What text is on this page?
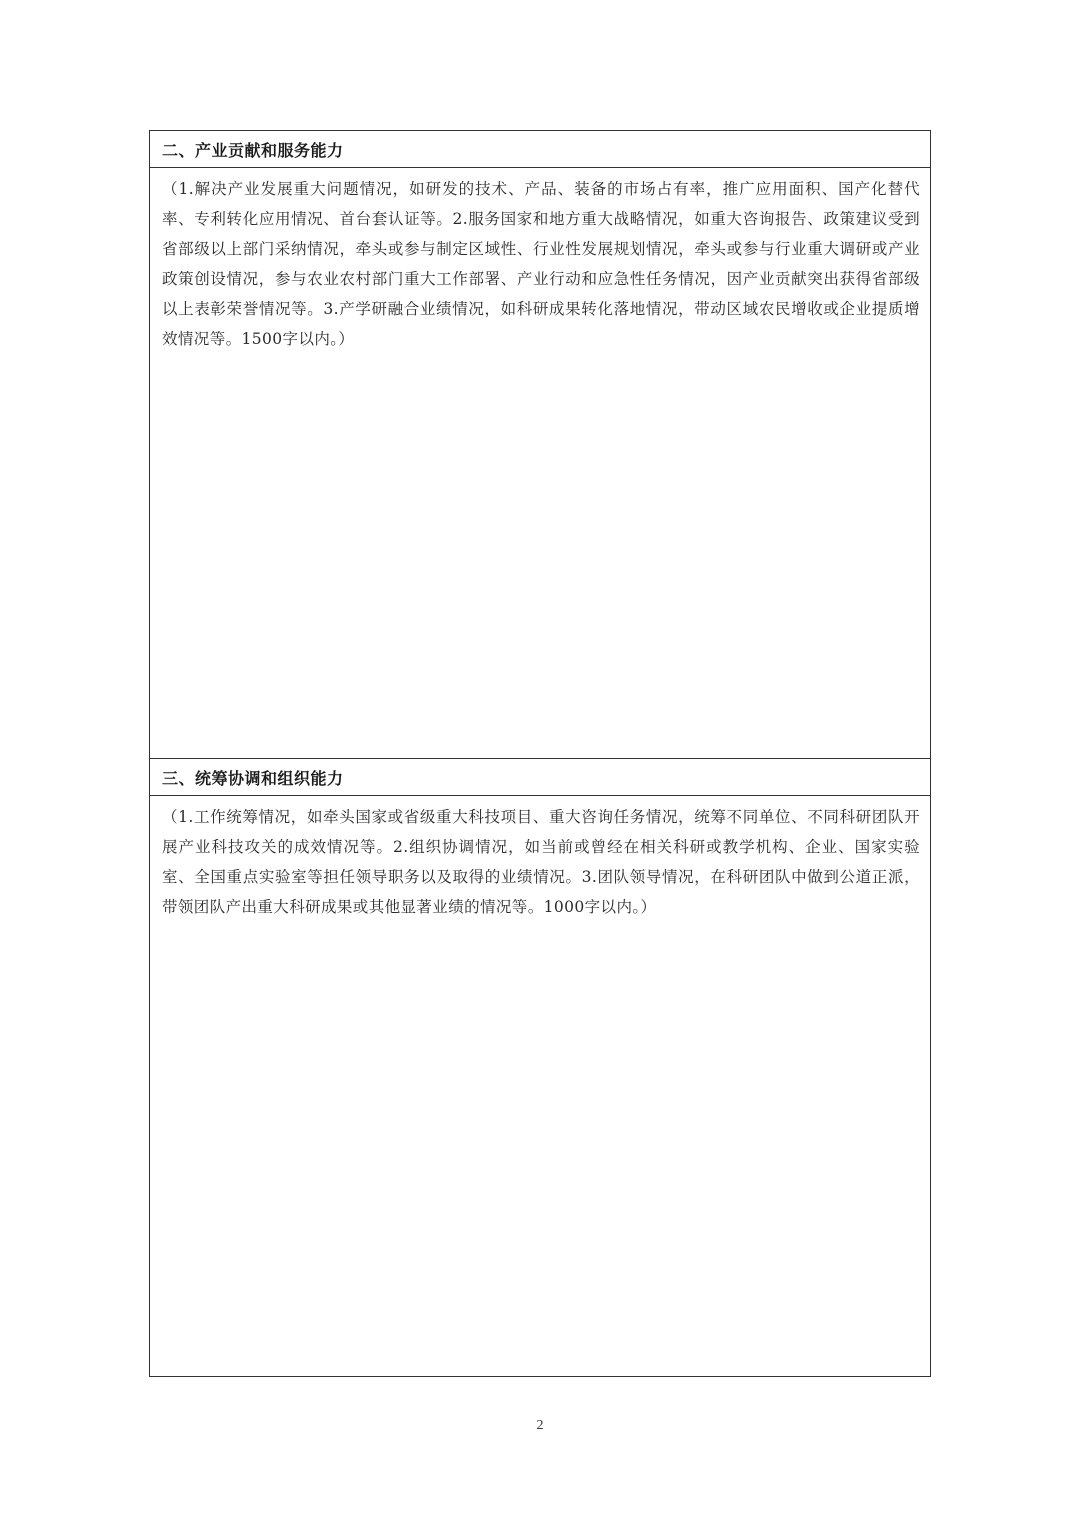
二、产业贡献和服务能力

（1.解决产业发展重大问题情况，如研发的技术、产品、装备的市场占有率，推广应用面积、国产化替代率、专利转化应用情况、首台套认证等。2.服务国家和地方重大战略情况，如重大咨询报告、政策建议受到省部级以上部门采纳情况，牵头或参与制定区域性、行业性发展规划情况，牵头或参与行业重大调研或产业政策创设情况，参与农业农村部门重大工作部署、产业行动和应急性任务情况，因产业贡献突出获得省部级以上表彰荣誉情况等。3.产学研融合业绩情况，如科研成果转化落地情况，带动区域农民增收或企业提质增效情况等。1500字以内。）

三、统筹协调和组织能力

（1.工作统筹情况，如牵头国家或省级重大科技项目、重大咨询任务情况，统筹不同单位、不同科研团队开展产业科技攻关的成效情况等。2.组织协调情况，如当前或曾经在相关科研或教学机构、企业、国家实验室、全国重点实验室等担任领导职务以及取得的业绩情况。3.团队领导情况，在科研团队中做到公道正派，带领团队产出重大科研成果或其他显著业绩的情况等。1000字以内。）

2
